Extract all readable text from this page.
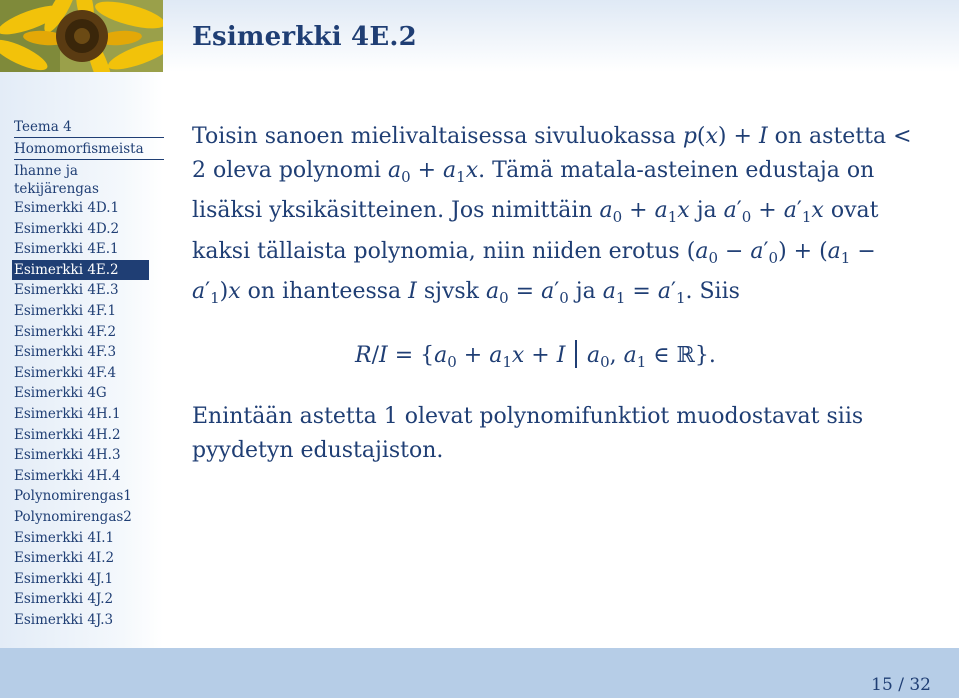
Esimerkki 4E.2
Teema 4
Homomorfismeista
Ihanne ja tekijärengas
Esimerkki 4D.1
Esimerkki 4D.2
Esimerkki 4E.1
Esimerkki 4E.2
Esimerkki 4E.3
Esimerkki 4F.1
Esimerkki 4F.2
Esimerkki 4F.3
Esimerkki 4F.4
Esimerkki 4G
Esimerkki 4H.1
Esimerkki 4H.2
Esimerkki 4H.3
Esimerkki 4H.4
Polynomirengas1
Polynomirengas2
Esimerkki 4I.1
Esimerkki 4I.2
Esimerkki 4J.1
Esimerkki 4J.2
Esimerkki 4J.3

Toisin sanoen mielivaltaisessa sivuluokassa p(x) + I on astetta < 2 oleva polynomi $a_0 + a_1x$. Tämä matala-asteinen edustaja on lisäksi yksikäsitteinen. Jos nimittäin $a_0 + a_1x$ ja $a'_0 + a'_1x$ ovat kaksi tällaista polynomia, niin niiden erotus $(a_0 - a'_0) + (a_1 - a'_1)x$ on ihanteessa I sjvsk $a_0 = a'_0$ ja $a_1 = a'_1$. Siis

$R/I = \{a_0 + a_1x + I$ $a_0$, $a_1$ ∈ ℝ}.

Enintään astetta 1 olevat polynomifunktiot muodostavat siis pyydetyn edustajiston.

15 / 32
